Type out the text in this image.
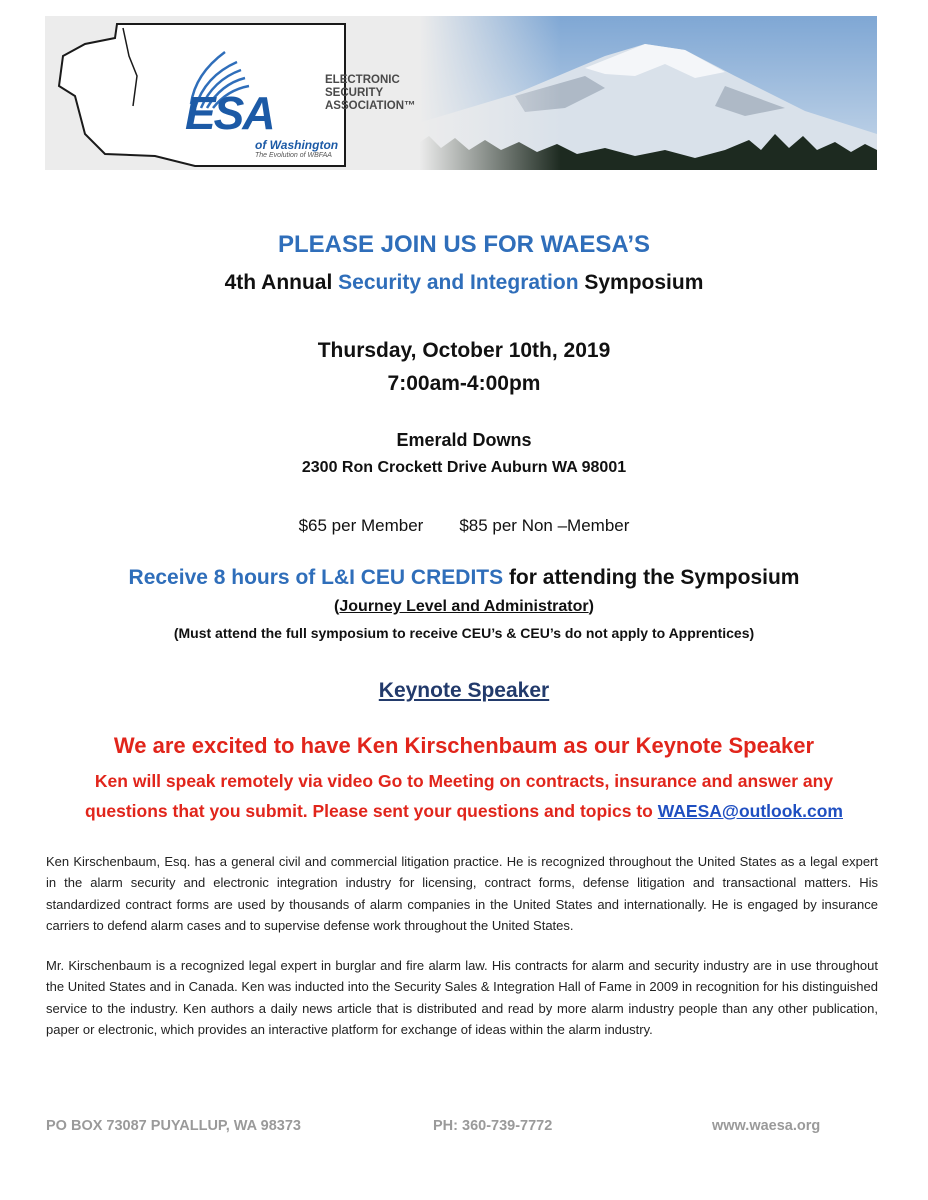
ESA
ELECTRONIC
SECURITY
ASSOCIATION™
of Washington
The Evolution of WBFAA
PLEASE JOIN US FOR WAESA’S
4th Annual Security and Integration Symposium
Thursday, October 10th, 2019
7:00am-4:00pm
Emerald Downs
2300 Ron Crockett Drive Auburn WA 98001
$65 per Member $85 per Non –Member
Receive 8 hours of L&I CEU CREDITS for attending the Symposium
(Journey Level and Administrator)
(Must attend the full symposium to receive CEU’s & CEU’s do not apply to Apprentices)
Keynote Speaker
We are excited to have Ken Kirschenbaum as our Keynote Speaker
Ken will speak remotely via video Go to Meeting on contracts, insurance and answer any
questions that you submit. Please sent your questions and topics to WAESA@outlook.com
Ken Kirschenbaum, Esq. has a general civil and commercial litigation practice. He is recognized throughout the United States as a legal expert in the alarm security and electronic integration industry for licensing, contract forms, defense litigation and transactional matters. His standardized contract forms are used by thousands of alarm companies in the United States and internationally. He is engaged by insurance carriers to defend alarm cases and to supervise defense work throughout the United States.
Mr. Kirschenbaum is a recognized legal expert in burglar and fire alarm law. His contracts for alarm and security industry are in use throughout the United States and in Canada. Ken was inducted into the Security Sales & Integration Hall of Fame in 2009 in recognition for his distinguished service to the industry. Ken authors a daily news article that is distributed and read by more alarm industry people than any other publication, paper or electronic, which provides an interactive platform for exchange of ideas within the alarm industry.
PO BOX 73087 PUYALLUP, WA 98373	PH: 360-739-7772	www.waesa.org
